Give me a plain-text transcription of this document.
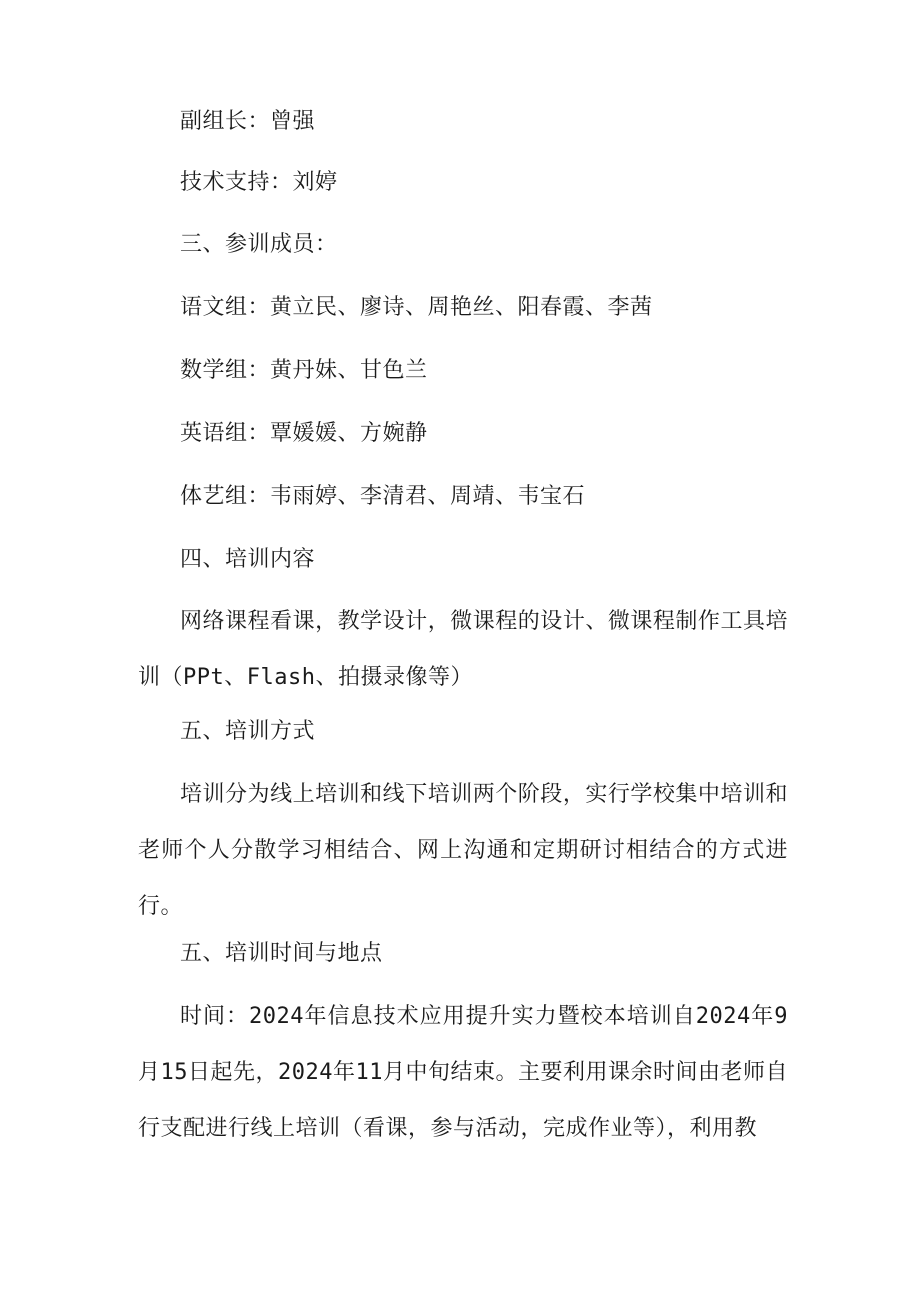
副组长：曾强
技术支持：刘婷
三、参训成员：
语文组：黄立民、廖诗、周艳丝、阳春霞、李茜
数学组：黄丹妹、甘色兰
英语组：覃媛媛、方婉静
体艺组：韦雨婷、李清君、周靖、韦宝石
四、培训内容

网络课程看课，教学设计，微课程的设计、微课程制作工具培训（PPt、Flash、拍摄录像等）

五、培训方式

培训分为线上培训和线下培训两个阶段，实行学校集中培训和老师个人分散学习相结合、网上沟通和定期研讨相结合的方式进行。

五、培训时间与地点

时间：2024年信息技术应用提升实力暨校本培训自2024年9月15日起先，2024年11月中旬结束。主要利用课余时间由老师自行支配进行线上培训（看课，参与活动，完成作业等），利用教
